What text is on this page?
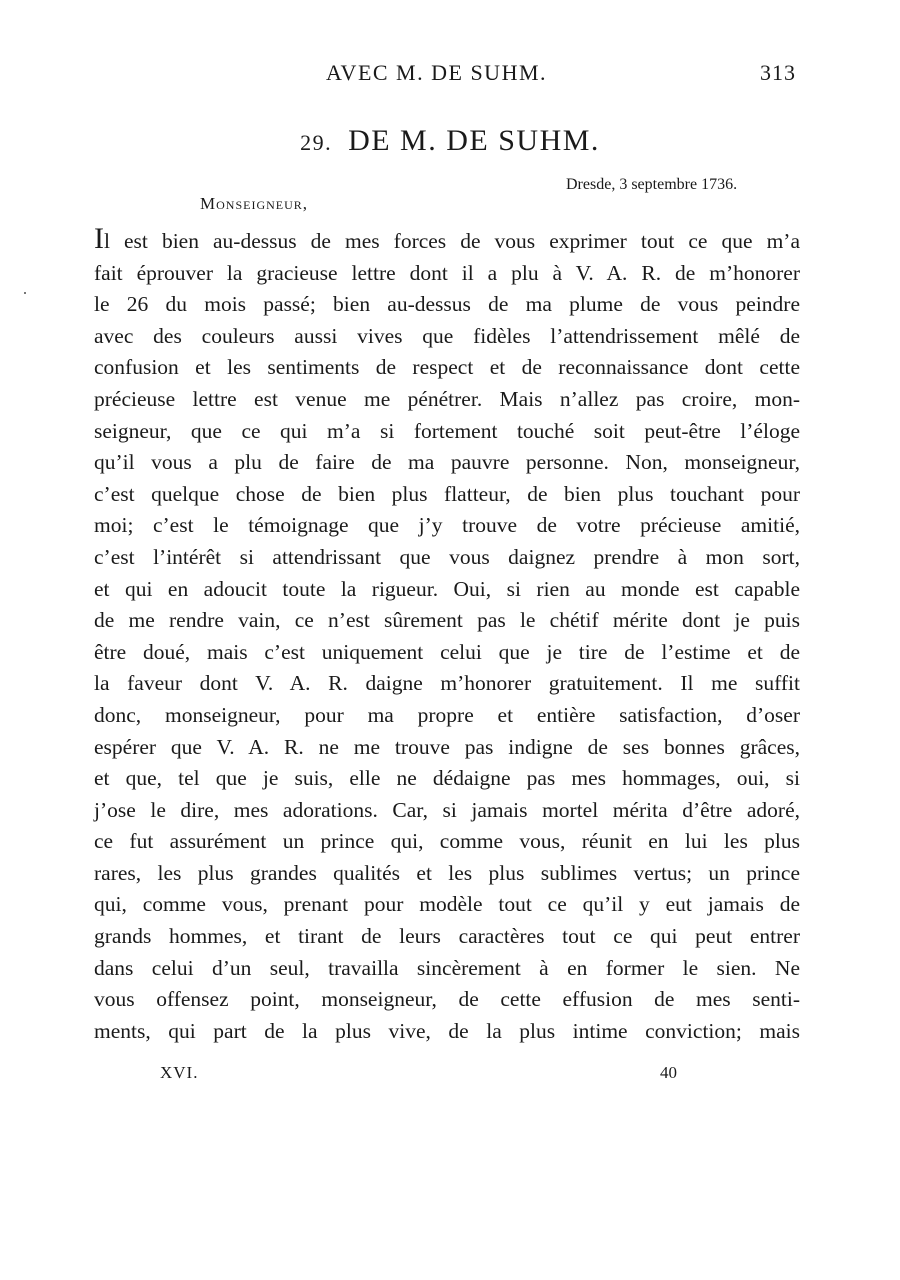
AVEC M. DE SUHM.	313
29. DE M. DE SUHM.
Dresde, 3 septembre 1736.
Monseigneur,
Il est bien au-dessus de mes forces de vous exprimer tout ce que m’a
fait éprouver la gracieuse lettre dont il a plu à V. A. R. de m’honorer
le 26 du mois passé; bien au-dessus de ma plume de vous peindre
avec des couleurs aussi vives que fidèles l’attendrissement mêlé de
confusion et les sentiments de respect et de reconnaissance dont cette
précieuse lettre est venue me pénétrer. Mais n’allez pas croire, mon-
seigneur, que ce qui m’a si fortement touché soit peut-être l’éloge
qu’il vous a plu de faire de ma pauvre personne. Non, monseigneur,
c’est quelque chose de bien plus flatteur, de bien plus touchant pour
moi; c’est le témoignage que j’y trouve de votre précieuse amitié,
c’est l’intérêt si attendrissant que vous daignez prendre à mon sort,
et qui en adoucit toute la rigueur. Oui, si rien au monde est capable
de me rendre vain, ce n’est sûrement pas le chétif mérite dont je puis
être doué, mais c’est uniquement celui que je tire de l’estime et de
la faveur dont V. A. R. daigne m’honorer gratuitement. Il me suffit
donc, monseigneur, pour ma propre et entière satisfaction, d’oser
espérer que V. A. R. ne me trouve pas indigne de ses bonnes grâces,
et que, tel que je suis, elle ne dédaigne pas mes hommages, oui, si
j’ose le dire, mes adorations. Car, si jamais mortel mérita d’être adoré,
ce fut assurément un prince qui, comme vous, réunit en lui les plus
rares, les plus grandes qualités et les plus sublimes vertus; un prince
qui, comme vous, prenant pour modèle tout ce qu’il y eut jamais de
grands hommes, et tirant de leurs caractères tout ce qui peut entrer
dans celui d’un seul, travailla sincèrement à en former le sien. Ne
vous offensez point, monseigneur, de cette effusion de mes senti-
ments, qui part de la plus vive, de la plus intime conviction; mais
XVI.	40
